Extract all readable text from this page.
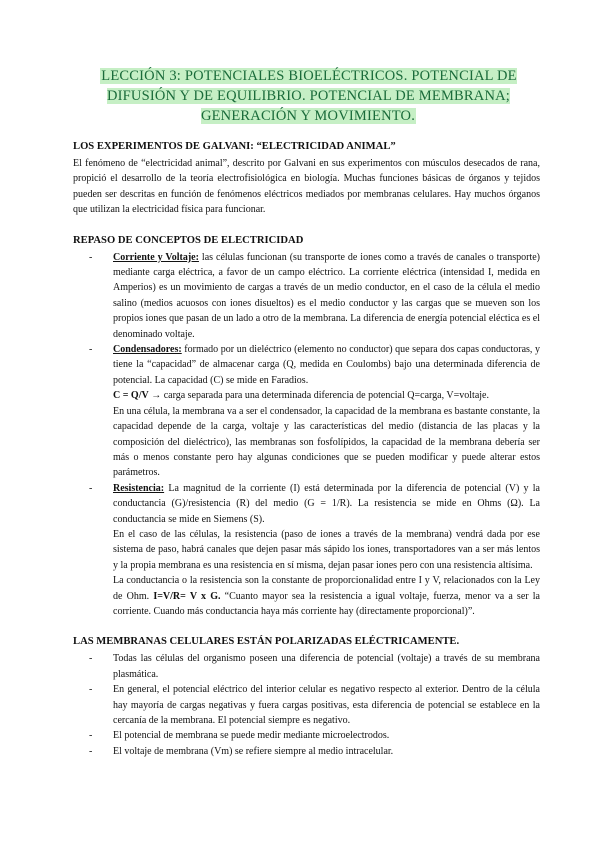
LECCIÓN 3: POTENCIALES BIOELÉCTRICOS. POTENCIAL DE DIFUSIÓN Y DE EQUILIBRIO. POTENCIAL DE MEMBRANA; GENERACIÓN Y MOVIMIENTO.
LOS EXPERIMENTOS DE GALVANI: “ELECTRICIDAD ANIMAL”

El fenómeno de “electricidad animal”, descrito por Galvani en sus experimentos con músculos desecados de rana, propició el desarrollo de la teoría electrofisiológica en biología. Muchas funciones básicas de órganos y tejidos pueden ser descritas en función de fenómenos eléctricos mediados por membranas celulares. Hay muchos órganos que utilizan la electricidad física para funcionar.

REPASO DE CONCEPTOS DE ELECTRICIDAD

- Corriente y Voltaje: las células funcionan (su transporte de iones como a través de canales o transporte) mediante carga eléctrica, a favor de un campo eléctrico. La corriente eléctrica (intensidad I, medida en Amperios) es un movimiento de cargas a través de un medio conductor, en el caso de la célula el medio salino (medios acuosos con iones disueltos) es el medio conductor y las cargas que se mueven son los propios iones que pasan de un lado a otro de la membrana. La diferencia de energía potencial eléctica es el denominado voltaje.

- Condensadores: formado por un dieléctrico (elemento no conductor) que separa dos capas conductoras, y tiene la “capacidad” de almacenar carga (Q, medida en Coulombs) bajo una determinada diferencia de potencial. La capacidad (C) se mide en Faradios.

C = Q/V → carga separada para una determinada diferencia de potencial Q=carga, V=voltaje.

En una célula, la membrana va a ser el condensador, la capacidad de la membrana es bastante constante, la capacidad depende de la carga, voltaje y las características del medio (distancia de las placas y la composición del dieléctrico), las membranas son fosfolípidos, la capacidad de la membrana debería ser más o menos constante pero hay algunas condiciones que se pueden modificar y puede alterar estos parámetros.

- Resistencia: La magnitud de la corriente (I) está determinada por la diferencia de potencial (V) y la conductancia (G)/resistencia (R) del medio (G = 1/R). La resistencia se mide en Ohms (Ω). La conductancia se mide en Siemens (S).

En el caso de las células, la resistencia (paso de iones a través de la membrana) vendrá dada por ese sistema de paso, habrá canales que dejen pasar más sápido los iones, transportadores van a ser más lentos y la propia membrana es una resistencia en sí misma, dejan pasar iones pero con una resistencia altísima.

La conductancia o la resistencia son la constante de proporcionalidad entre I y V, relacionados con la Ley de Ohm. I=V/R= V x G. “Cuanto mayor sea la resistencia a igual voltaje, fuerza, menor va a ser la corriente. Cuando más conductancia haya más corriente hay (directamente proporcional)”.

LAS MEMBRANAS CELULARES ESTÁN POLARIZADAS ELÉCTRICAMENTE.

- Todas las células del organismo poseen una diferencia de potencial (voltaje) a través de su membrana plasmática.

- En general, el potencial eléctrico del interior celular es negativo respecto al exterior. Dentro de la célula hay mayoría de cargas negativas y fuera cargas positivas, esta diferencia de potencial se establece en la cercanía de la membrana. El potencial siempre es negativo.

- El potencial de membrana se puede medir mediante microelectrodos.

- El voltaje de membrana (Vm) se refiere siempre al medio intracelular.
